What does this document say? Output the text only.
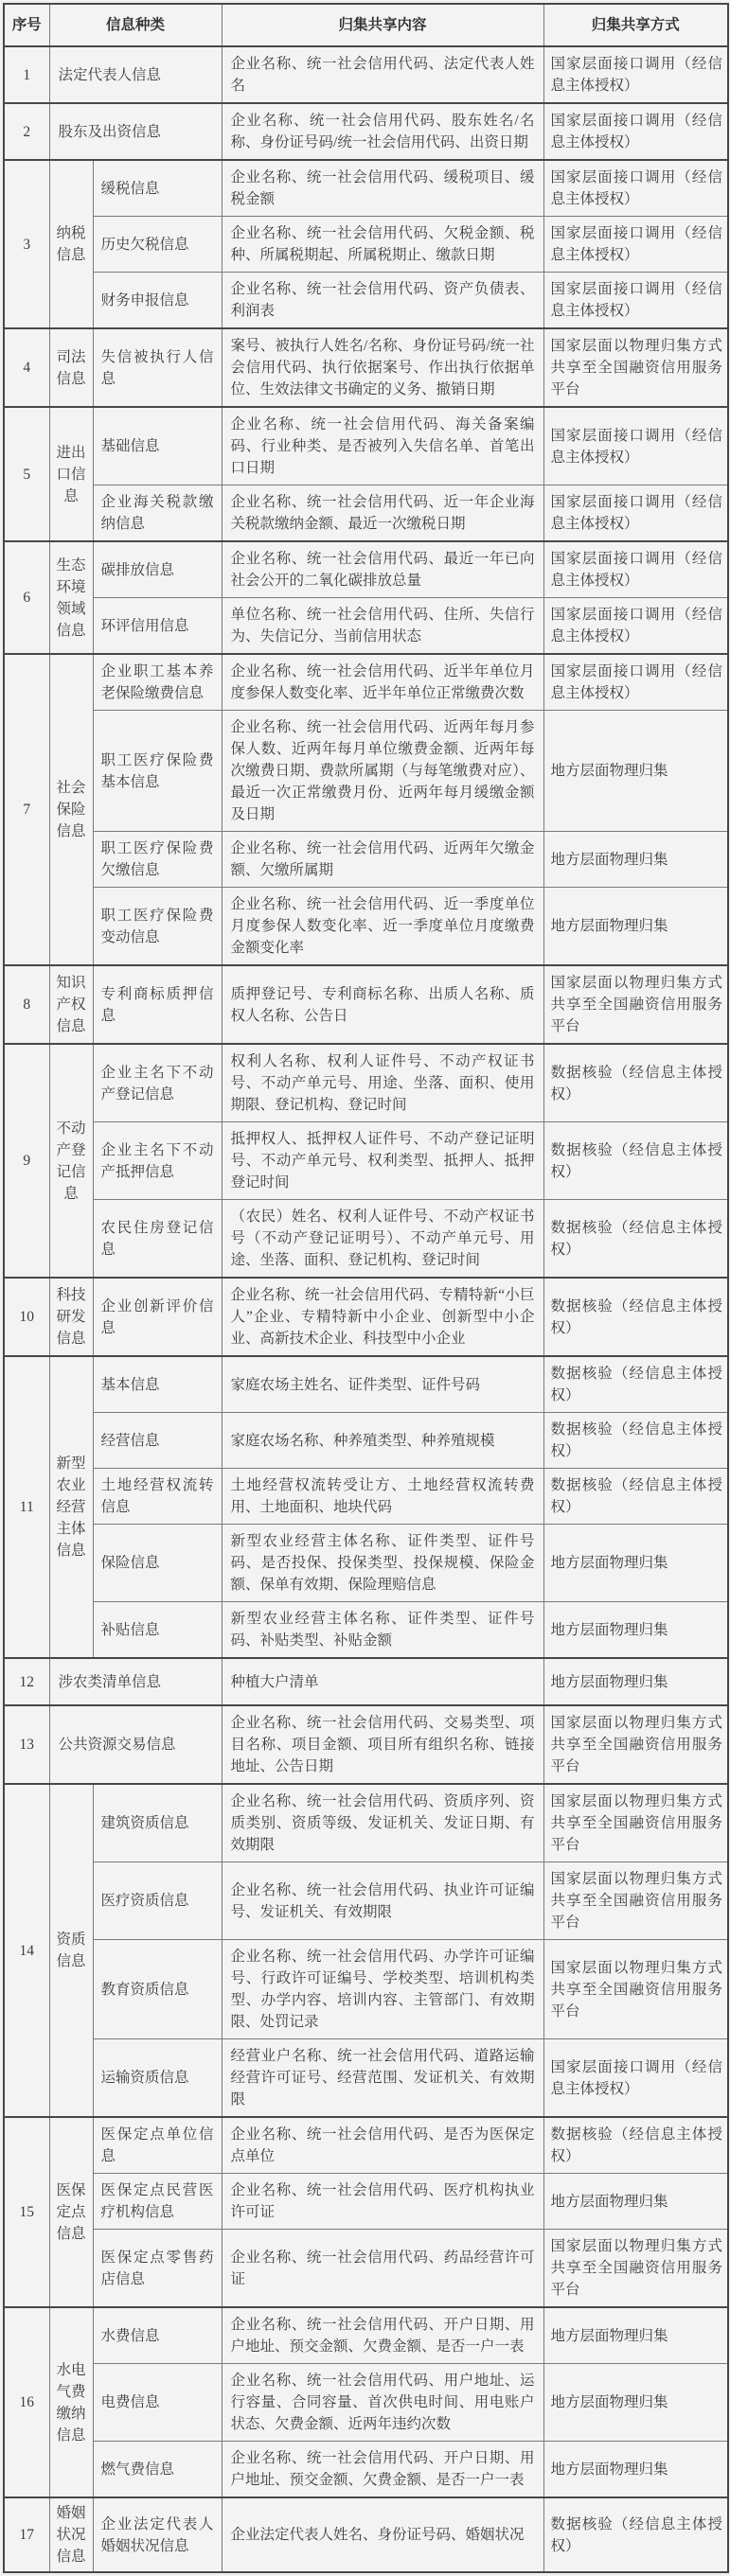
序号	信息种类		归集共享内容	归集共享方式
1	法定代表人信息		企业名称、统一社会信用代码、法定代表人姓名	国家层面接口调用（经信息主体授权）
2	股东及出资信息		企业名称、统一社会信用代码、股东姓名/名称、身份证号码/统一社会信用代码、出资日期	国家层面接口调用（经信息主体授权）
3	纳税信息	缓税信息	企业名称、统一社会信用代码、缓税项目、缓税金额	国家层面接口调用（经信息主体授权）
		历史欠税信息	企业名称、统一社会信用代码、欠税金额、税种、所属税期起、所属税期止、缴款日期	国家层面接口调用（经信息主体授权）
		财务申报信息	企业名称、统一社会信用代码、资产负债表、利润表	国家层面接口调用（经信息主体授权）
4	司法信息	失信被执行人信息	案号、被执行人姓名/名称、身份证号码/统一社会信用代码、执行依据案号、作出执行依据单位、生效法律文书确定的义务、撤销日期	国家层面以物理归集方式共享至全国融资信用服务平台
5	进出口信息	基础信息	企业名称、统一社会信用代码、海关备案编码、行业种类、是否被列入失信名单、首笔出口日期	国家层面接口调用（经信息主体授权）
		企业海关税款缴纳信息	企业名称、统一社会信用代码、近一年企业海关税款缴纳金额、最近一次缴税日期	国家层面接口调用（经信息主体授权）
6	生态环境领域信息	碳排放信息	企业名称、统一社会信用代码、最近一年已向社会公开的二氧化碳排放总量	国家层面接口调用（经信息主体授权）
		环评信用信息	单位名称、统一社会信用代码、住所、失信行为、失信记分、当前信用状态	国家层面接口调用（经信息主体授权）
7	社会保险信息	企业职工基本养老保险缴费信息	企业名称、统一社会信用代码、近半年单位月度参保人数变化率、近半年单位正常缴费次数	国家层面接口调用（经信息主体授权）
		职工医疗保险费基本信息	企业名称、统一社会信用代码、近两年每月参保人数、近两年每月单位缴费金额、近两年每次缴费日期、费款所属期（与每笔缴费对应）、最近一次正常缴费月份、近两年每月缓缴金额及日期	地方层面物理归集
		职工医疗保险费欠缴信息	企业名称、统一社会信用代码、近两年欠缴金额、欠缴所属期	地方层面物理归集
		职工医疗保险费变动信息	企业名称、统一社会信用代码、近一季度单位月度参保人数变化率、近一季度单位月度缴费金额变化率	地方层面物理归集
8	知识产权信息	专利商标质押信息	质押登记号、专利商标名称、出质人名称、质权人名称、公告日	国家层面以物理归集方式共享至全国融资信用服务平台
9	不动产登记信息	企业主名下不动产登记信息	权利人名称、权利人证件号、不动产权证书号、不动产单元号、用途、坐落、面积、使用期限、登记机构、登记时间	数据核验（经信息主体授权）
		企业主名下不动产抵押信息	抵押权人、抵押权人证件号、不动产登记证明号、不动产单元号、权利类型、抵押人、抵押登记时间	数据核验（经信息主体授权）
		农民住房登记信息	（农民）姓名、权利人证件号、不动产权证书号（不动产登记证明号）、不动产单元号、用途、坐落、面积、登记机构、登记时间	数据核验（经信息主体授权）
10	科技研发信息	企业创新评价信息	企业名称、统一社会信用代码、专精特新“小巨人”企业、专精特新中小企业、创新型中小企业、高新技术企业、科技型中小企业	数据核验（经信息主体授权）
11	新型农业经营主体信息	基本信息	家庭农场主姓名、证件类型、证件号码	数据核验（经信息主体授权）
		经营信息	家庭农场名称、种养殖类型、种养殖规模	数据核验（经信息主体授权）
		土地经营权流转信息	土地经营权流转受让方、土地经营权流转费用、土地面积、地块代码	数据核验（经信息主体授权）
		保险信息	新型农业经营主体名称、证件类型、证件号码、是否投保、投保类型、投保规模、保险金额、保单有效期、保险理赔信息	地方层面物理归集
		补贴信息	新型农业经营主体名称、证件类型、证件号码、补贴类型、补贴金额	地方层面物理归集
12	涉农类清单信息		种植大户清单	地方层面物理归集
13	公共资源交易信息		企业名称、统一社会信用代码、交易类型、项目名称、项目金额、项目所有组织名称、链接地址、公告日期	国家层面以物理归集方式共享至全国融资信用服务平台
14	资质信息	建筑资质信息	企业名称、统一社会信用代码、资质序列、资质类别、资质等级、发证机关、发证日期、有效期限	国家层面以物理归集方式共享至全国融资信用服务平台
		医疗资质信息	企业名称、统一社会信用代码、执业许可证编号、发证机关、有效期限	国家层面以物理归集方式共享至全国融资信用服务平台
		教育资质信息	企业名称、统一社会信用代码、办学许可证编号、行政许可证编号、学校类型、培训机构类型、办学内容、培训内容、主管部门、有效期限、处罚记录	国家层面以物理归集方式共享至全国融资信用服务平台
		运输资质信息	经营业户名称、统一社会信用代码、道路运输经营许可证号、经营范围、发证机关、有效期限	国家层面接口调用（经信息主体授权）
15	医保定点信息	医保定点单位信息	企业名称、统一社会信用代码、是否为医保定点单位	数据核验（经信息主体授权）
		医保定点民营医疗机构信息	企业名称、统一社会信用代码、医疗机构执业许可证	地方层面物理归集
		医保定点零售药店信息	企业名称、统一社会信用代码、药品经营许可证	国家层面以物理归集方式共享至全国融资信用服务平台
16	水电气费缴纳信息	水费信息	企业名称、统一社会信用代码、开户日期、用户地址、预交金额、欠费金额、是否一户一表	地方层面物理归集
		电费信息	企业名称、统一社会信用代码、用户地址、运行容量、合同容量、首次供电时间、用电账户状态、欠费金额、近两年违约次数	地方层面物理归集
		燃气费信息	企业名称、统一社会信用代码、开户日期、用户地址、预交金额、欠费金额、是否一户一表	地方层面物理归集
17	婚姻状况信息	企业法定代表人婚姻状况信息	企业法定代表人姓名、身份证号码、婚姻状况	数据核验（经信息主体授权）
